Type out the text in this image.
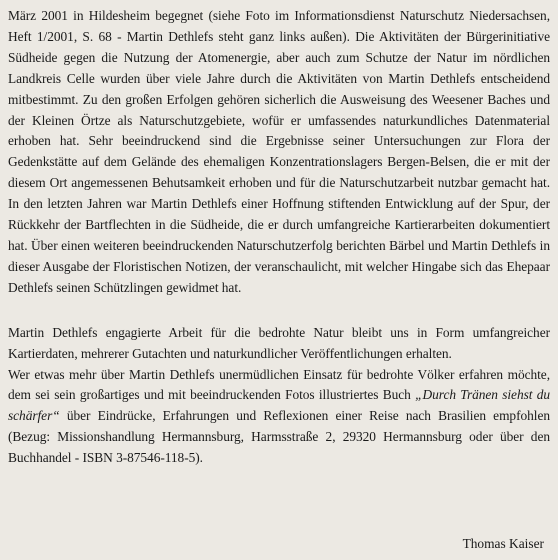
März 2001 in Hildesheim begegnet (siehe Foto im Informationsdienst Naturschutz Niedersachsen, Heft 1/2001, S. 68 - Martin Dethlefs steht ganz links außen). Die Aktivitäten der Bürgerinitiative Südheide gegen die Nutzung der Atomenergie, aber auch zum Schutze der Natur im nördlichen Landkreis Celle wurden über viele Jahre durch die Aktivitäten von Martin Dethlefs entscheidend mitbestimmt. Zu den großen Erfolgen gehören sicherlich die Ausweisung des Weesener Baches und der Kleinen Örtze als Naturschutzgebiete, wofür er umfassendes naturkundliches Datenmaterial erhoben hat. Sehr beeindruckend sind die Ergebnisse seiner Untersuchungen zur Flora der Gedenkstätte auf dem Gelände des ehemaligen Konzentrationslagers Bergen-Belsen, die er mit der diesem Ort angemessenen Behutsamkeit erhoben und für die Naturschutzarbeit nutzbar gemacht hat. In den letzten Jahren war Martin Dethlefs einer Hoffnung stiftenden Entwicklung auf der Spur, der Rückkehr der Bartflechten in die Südheide, die er durch umfangreiche Kartierarbeiten dokumentiert hat. Über einen weiteren beeindruckenden Naturschutzerfolg berichten Bärbel und Martin Dethlefs in dieser Ausgabe der Floristischen Notizen, der veranschaulicht, mit welcher Hingabe sich das Ehepaar Dethlefs seinen Schützlingen gewidmet hat.

Martin Dethlefs engagierte Arbeit für die bedrohte Natur bleibt uns in Form umfangreicher Kartierdaten, mehrerer Gutachten und naturkundlicher Veröffentlichungen erhalten.

Wer etwas mehr über Martin Dethlefs unermüdlichen Einsatz für bedrohte Völker erfahren möchte, dem sei sein großartiges und mit beeindruckenden Fotos illustriertes Buch „Durch Tränen siehst du schärfer“ über Eindrücke, Erfahrungen und Reflexionen einer Reise nach Brasilien empfohlen (Bezug: Missionshandlung Hermannsburg, Harmsstraße 2, 29320 Hermannsburg oder über den Buchhandel - ISBN 3-87546-118-5).

Thomas Kaiser
